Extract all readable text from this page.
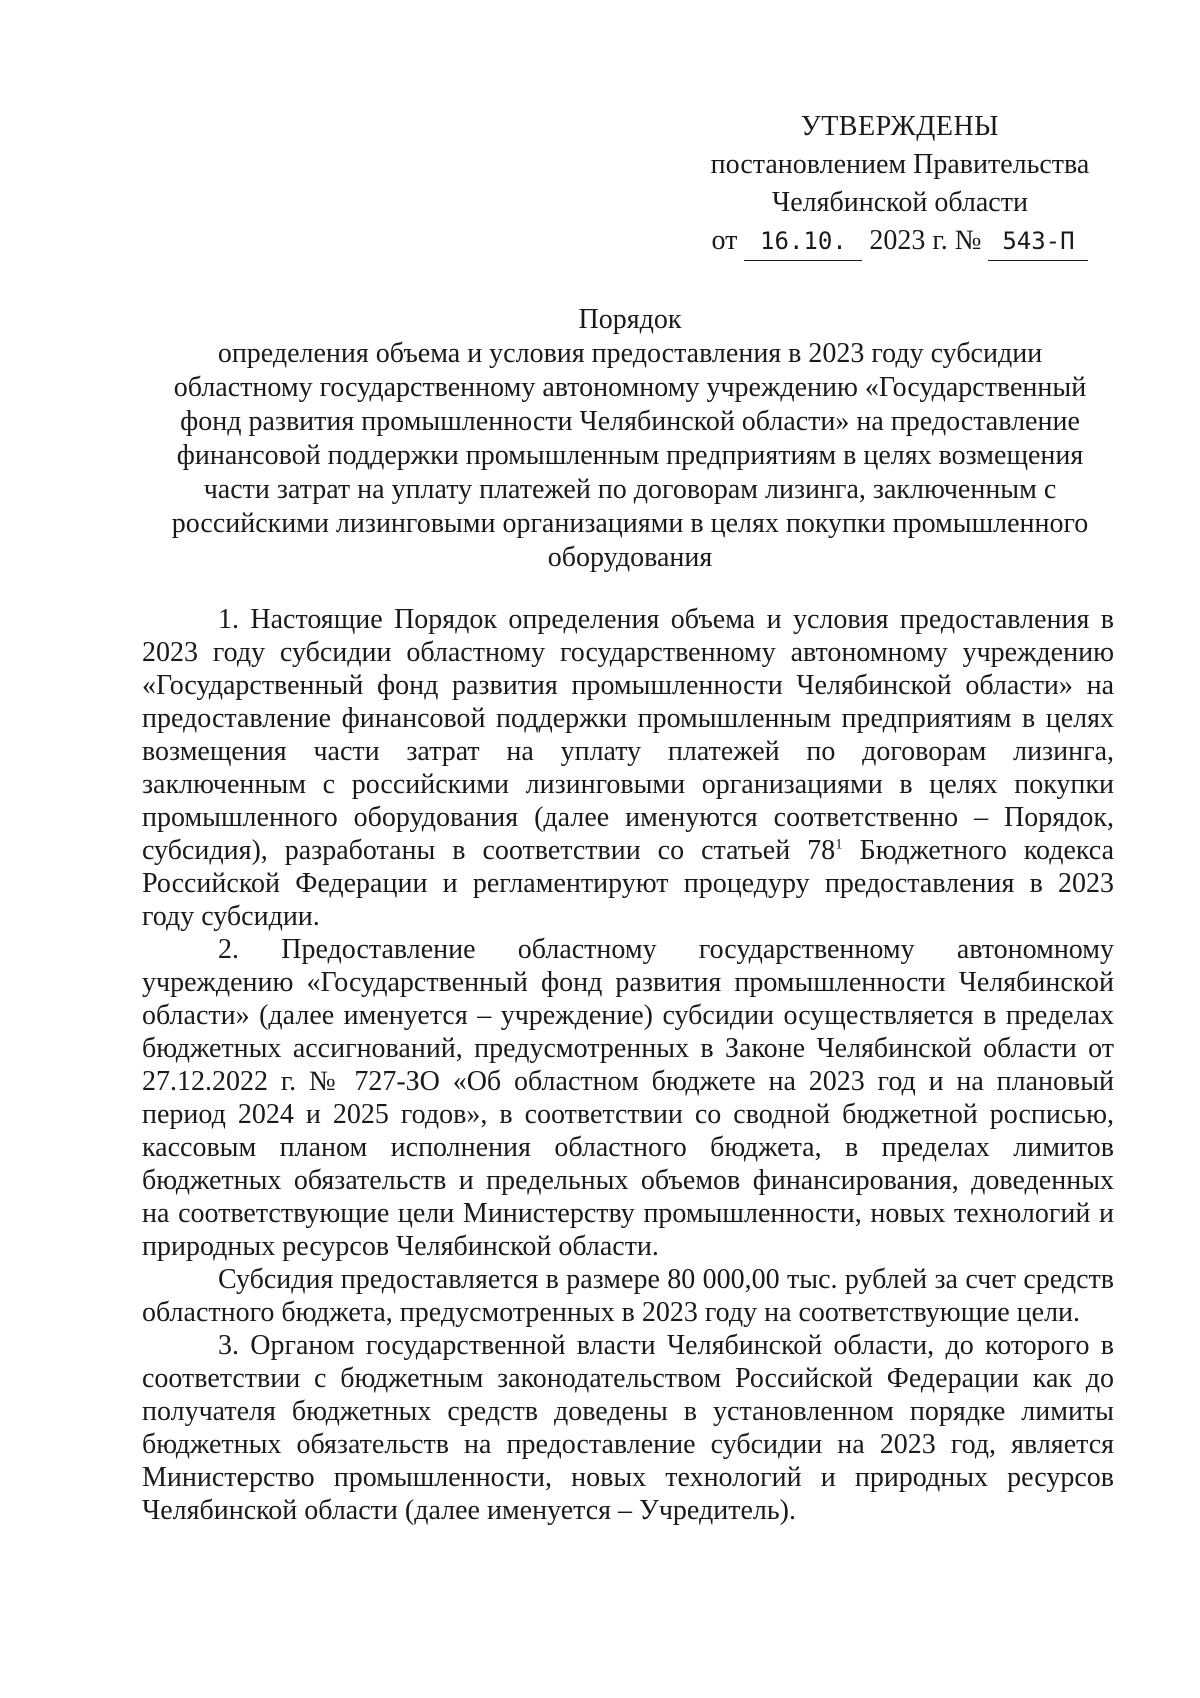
УТВЕРЖДЕНЫ
постановлением Правительства
Челябинской области
от 16.10. 2023 г. № 543-П
Порядок
определения объема и условия предоставления в 2023 году субсидии областному государственному автономному учреждению «Государственный фонд развития промышленности Челябинской области» на предоставление финансовой поддержки промышленным предприятиям в целях возмещения части затрат на уплату платежей по договорам лизинга, заключенным с российскими лизинговыми организациями в целях покупки промышленного оборудования

1. Настоящие Порядок определения объема и условия предоставления в 2023 году субсидии областному государственному автономному учреждению «Государственный фонд развития промышленности Челябинской области» на предоставление финансовой поддержки промышленным предприятиям в целях возмещения части затрат на уплату платежей по договорам лизинга, заключенным с российскими лизинговыми организациями в целях покупки промышленного оборудования (далее именуются соответственно – Порядок, субсидия), разработаны в соответствии со статьей $78^1$ Бюджетного кодекса Российской Федерации и регламентируют процедуру предоставления в 2023 году субсидии.

2. Предоставление областному государственному автономному учреждению «Государственный фонд развития промышленности Челябинской области» (далее именуется – учреждение) субсидии осуществляется в пределах бюджетных ассигнований, предусмотренных в Законе Челябинской области от 27.12.2022 г. № 727-ЗО «Об областном бюджете на 2023 год и на плановый период 2024 и 2025 годов», в соответствии со сводной бюджетной росписью, кассовым планом исполнения областного бюджета, в пределах лимитов бюджетных обязательств и предельных объемов финансирования, доведенных на соответствующие цели Министерству промышленности, новых технологий и природных ресурсов Челябинской области.

Субсидия предоставляется в размере 80 000,00 тыс. рублей за счет средств областного бюджета, предусмотренных в 2023 году на соответствующие цели.

3. Органом государственной власти Челябинской области, до которого в соответствии с бюджетным законодательством Российской Федерации как до получателя бюджетных средств доведены в установленном порядке лимиты бюджетных обязательств на предоставление субсидии на 2023 год, является Министерство промышленности, новых технологий и природных ресурсов Челябинской области (далее именуется – Учредитель).
